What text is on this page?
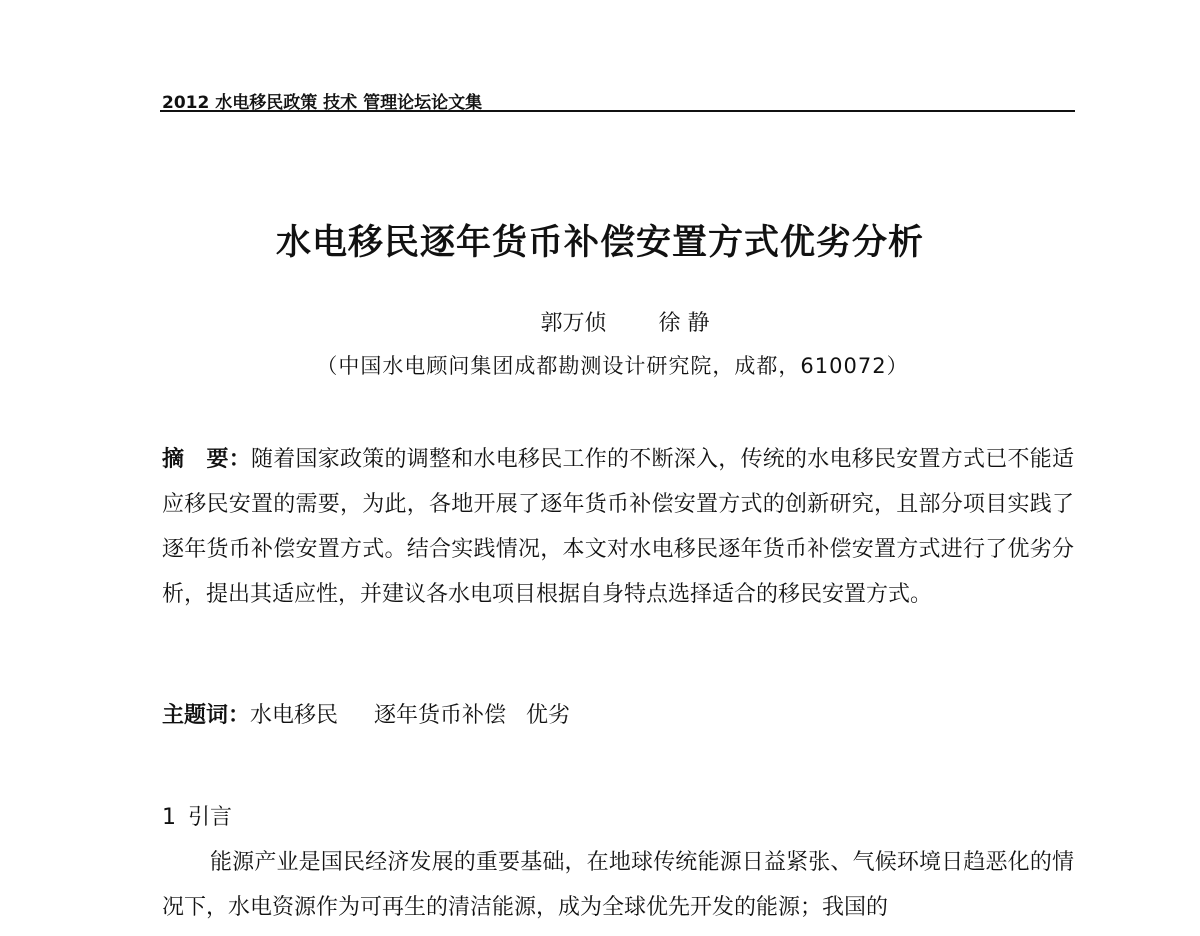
2012 水电移民政策 技术 管理论坛论文集
水电移民逐年货币补偿安置方式优劣分析
郭万侦 徐 静
（中国水电顾问集团成都勘测设计研究院，成都，610072）
摘　要：随着国家政策的调整和水电移民工作的不断深入，传统的水电移民安置方式已不能适应移民安置的需要，为此，各地开展了逐年货币补偿安置方式的创新研究，且部分项目实践了逐年货币补偿安置方式。结合实践情况，本文对水电移民逐年货币补偿安置方式进行了优劣分析，提出其适应性，并建议各水电项目根据自身特点选择适合的移民安置方式。
主题词：水电移民 逐年货币补偿 优劣
1 引言
能源产业是国民经济发展的重要基础，在地球传统能源日益紧张、气候环境日趋恶化的情况下，水电资源作为可再生的清洁能源，成为全球优先开发的能源；我国的
